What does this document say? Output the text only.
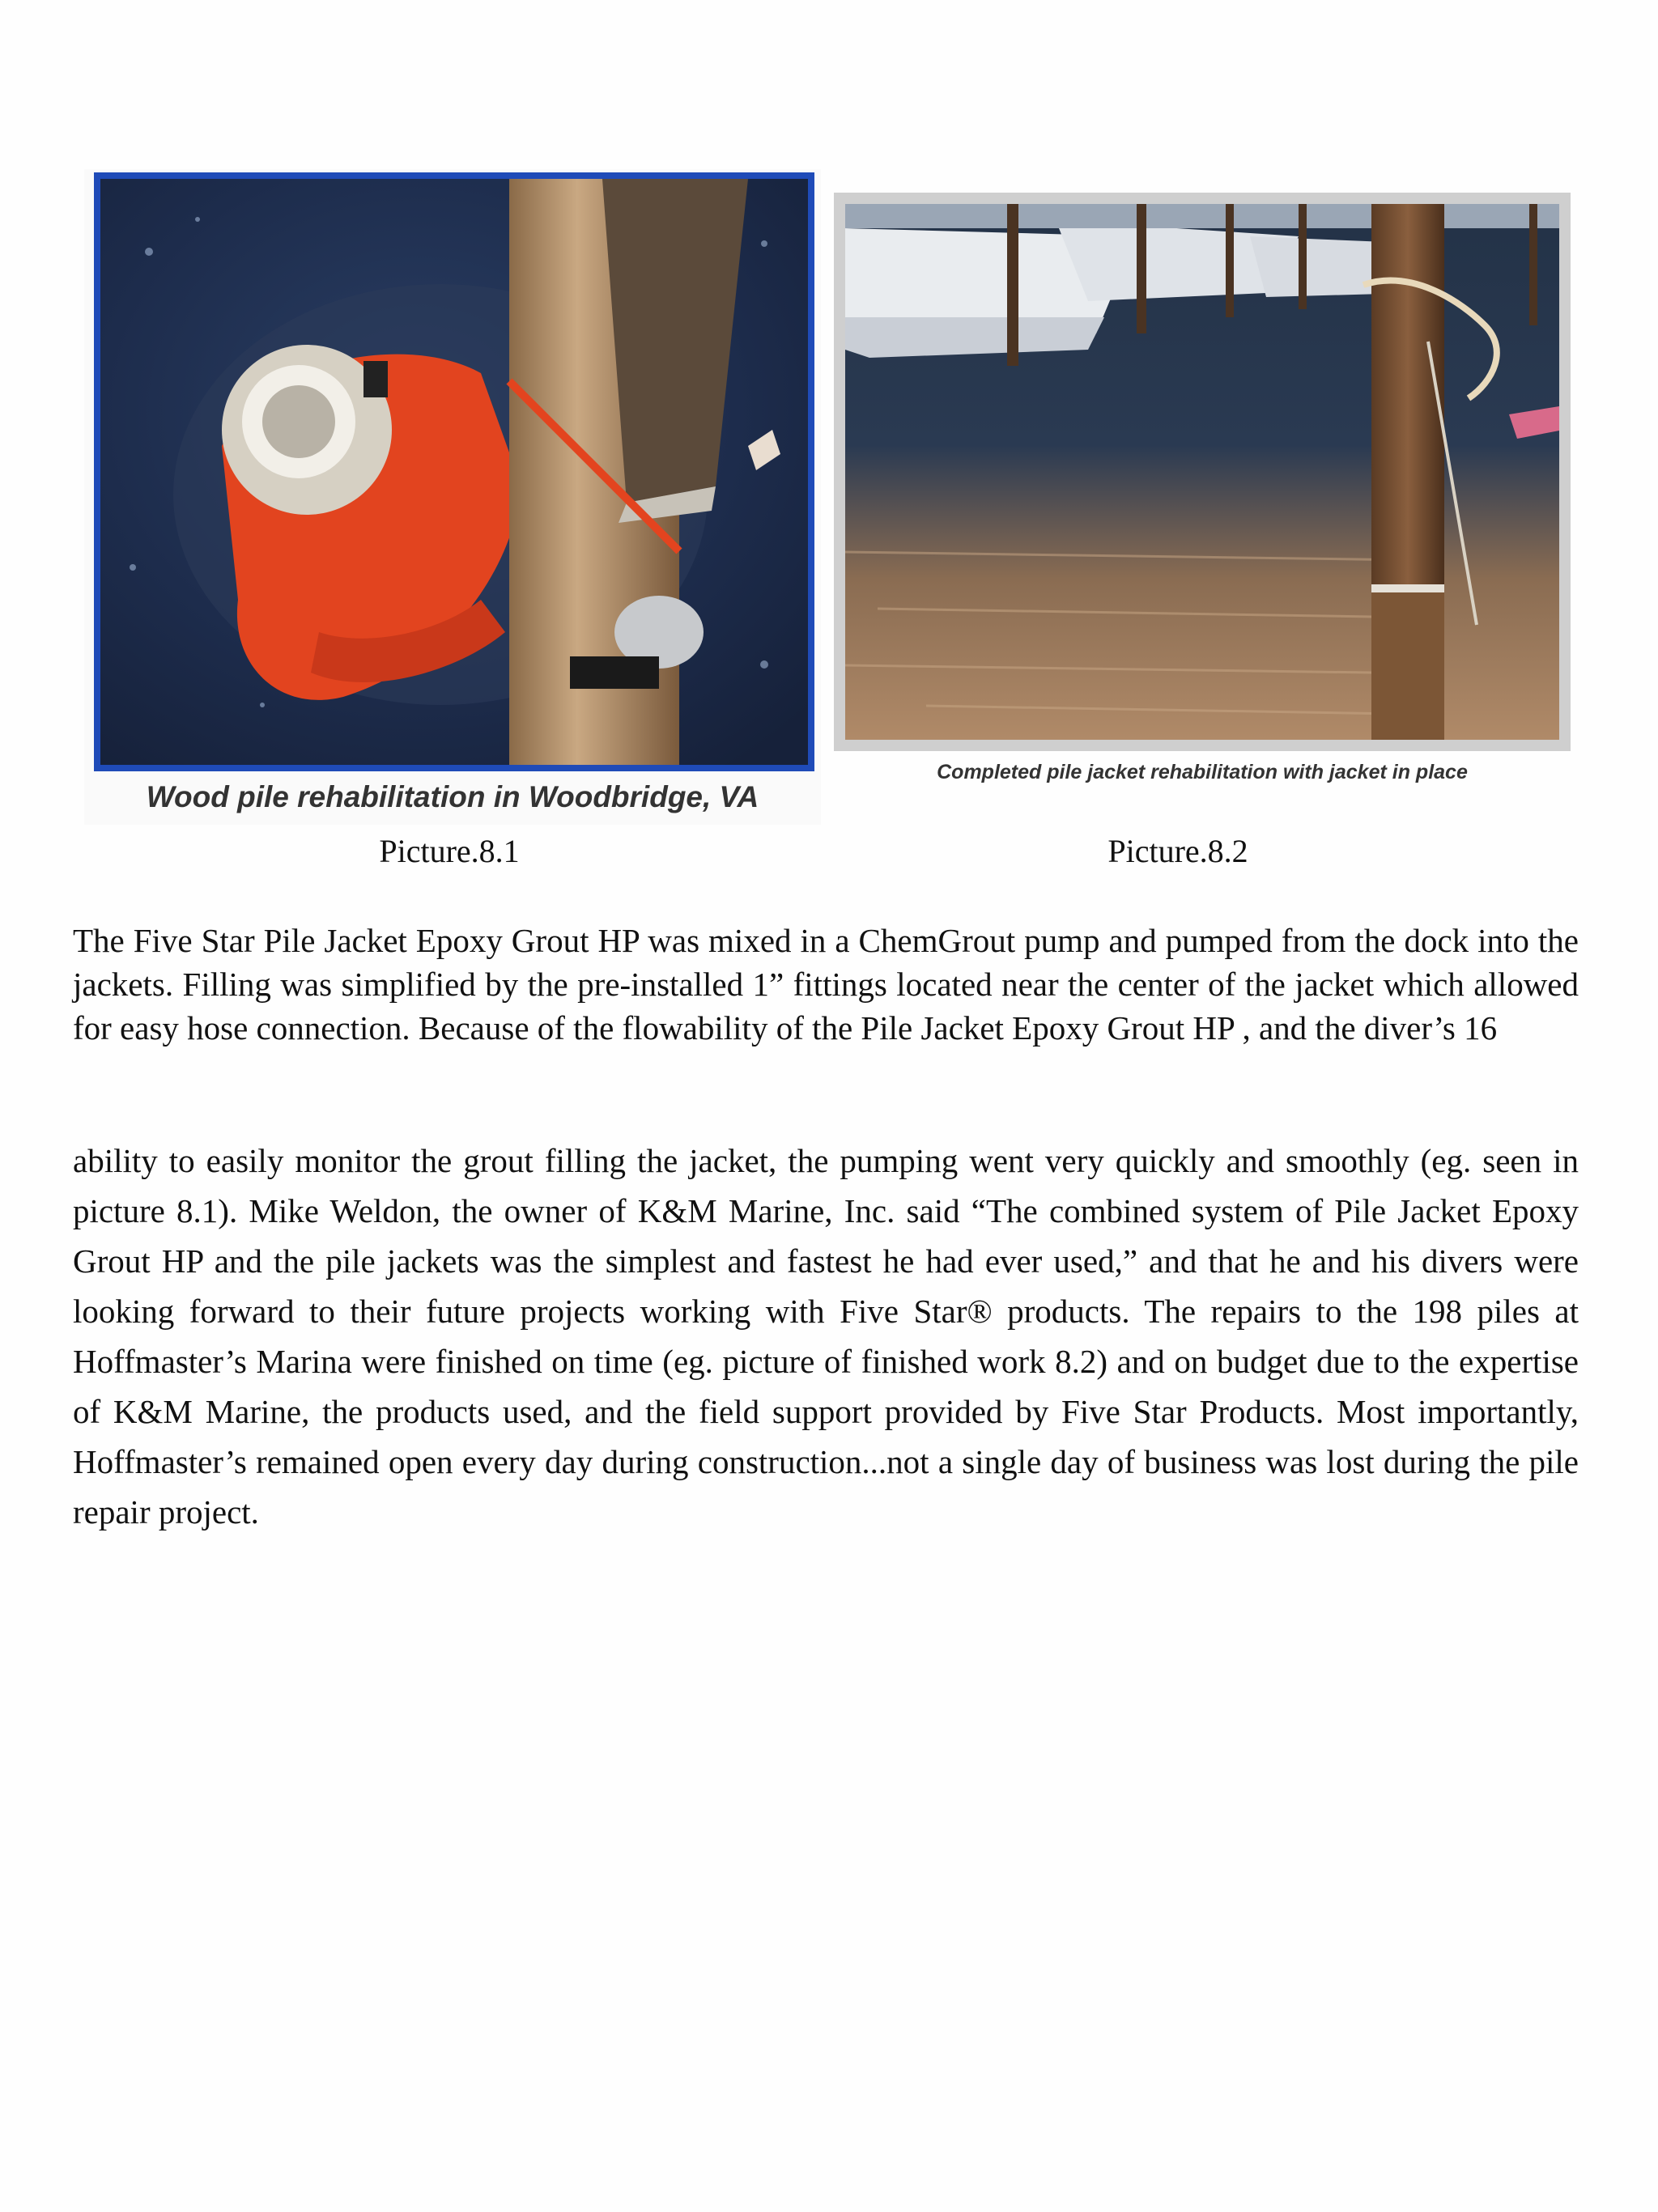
Wood pile rehabilitation in Woodbridge, VA
Completed pile jacket rehabilitation with jacket in place
Picture.8.1	Picture.8.2

The Five Star Pile Jacket Epoxy Grout HP was mixed in a ChemGrout pump and pumped from the dock into the jackets. Filling was simplified by the pre-installed 1” fittings located near the center of the jacket which allowed for easy hose connection. Because of the flowability of the Pile Jacket Epoxy Grout HP , and the diver’s 16

ability to easily monitor the grout filling the jacket, the pumping went very quickly and smoothly (eg. seen in picture 8.1). Mike Weldon, the owner of K&M Marine, Inc. said “The combined system of Pile Jacket Epoxy Grout HP and the pile jackets was the simplest and fastest he had ever used,” and that he and his divers were looking forward to their future projects working with Five Star® products. The repairs to the 198 piles at Hoffmaster’s Marina were finished on time (eg. picture of finished work 8.2) and on budget due to the expertise of K&M Marine, the products used, and the field support provided by Five Star Products. Most importantly, Hoffmaster’s remained open every day during construction...not a single day of business was lost during the pile repair project.
